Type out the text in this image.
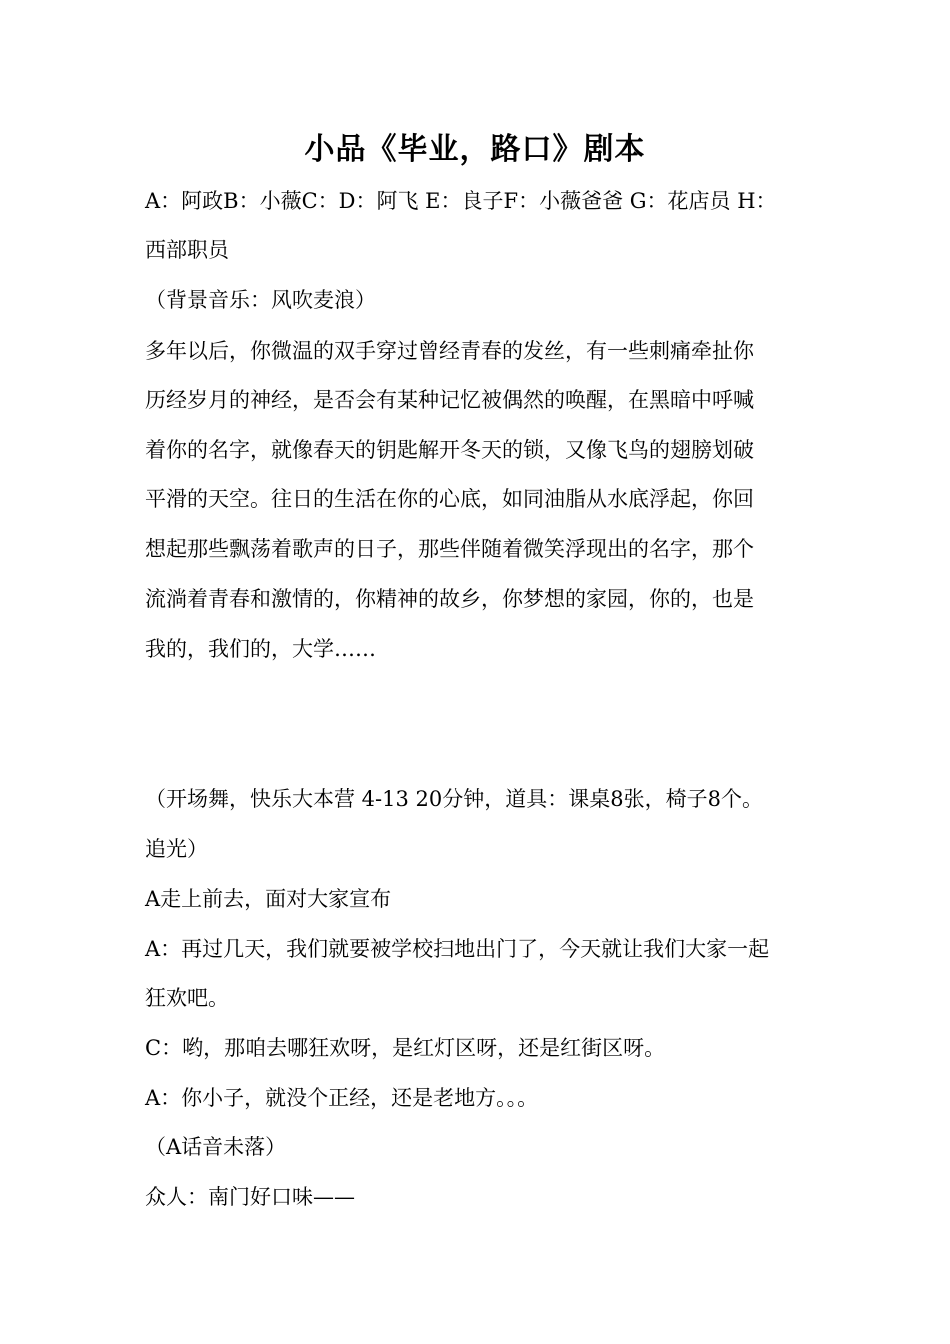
小品《毕业，路口》剧本
A：阿政B：小薇C：D：阿飞 E：良子F：小薇爸爸 G：花店员 H：
西部职员
（背景音乐：风吹麦浪）
多年以后，你微温的双手穿过曾经青春的发丝，有一些刺痛牵扯你
历经岁月的神经，是否会有某种记忆被偶然的唤醒，在黑暗中呼喊
着你的名字，就像春天的钥匙解开冬天的锁，又像飞鸟的翅膀划破
平滑的天空。往日的生活在你的心底，如同油脂从水底浮起，你回
想起那些飘荡着歌声的日子，那些伴随着微笑浮现出的名字，那个
流淌着青春和激情的，你精神的故乡，你梦想的家园，你的，也是
我的，我们的，大学……
（开场舞，快乐大本营 4-13 20分钟，道具：课桌8张，椅子8个。
追光）
A走上前去，面对大家宣布
A：再过几天，我们就要被学校扫地出门了，今天就让我们大家一起
狂欢吧。
C：哟，那咱去哪狂欢呀，是红灯区呀，还是红街区呀。
A：你小子，就没个正经，还是老地方。。。
（A话音未落）
众人：南门好口味——
